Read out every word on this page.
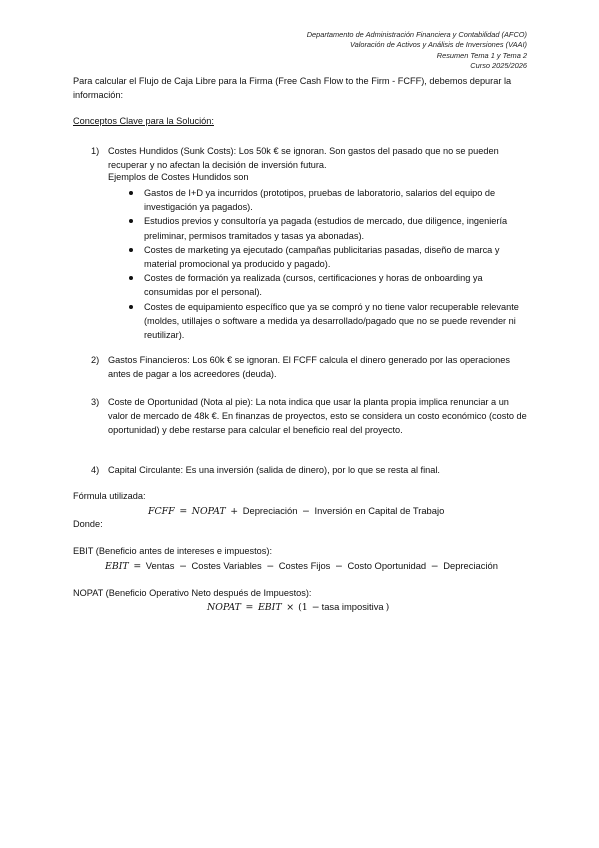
Departamento de Administración Financiera y Contabilidad (AFCO)
Valoración de Activos y Análisis de Inversiones (VAAI)
Resumen Tema 1 y Tema 2
Curso 2025/2026
Para calcular el Flujo de Caja Libre para la Firma (Free Cash Flow to the Firm - FCFF), debemos depurar la información:
Conceptos Clave para la Solución:
1) Costes Hundidos (Sunk Costs): Los 50k € se ignoran. Son gastos del pasado que no se pueden recuperar y no afectan la decisión de inversión futura.
Ejemplos de Costes Hundidos son
Gastos de I+D ya incurridos (prototipos, pruebas de laboratorio, salarios del equipo de investigación ya pagados).
Estudios previos y consultoría ya pagada (estudios de mercado, due diligence, ingeniería preliminar, permisos tramitados y tasas ya abonadas).
Costes de marketing ya ejecutado (campañas publicitarias pasadas, diseño de marca y material promocional ya producido y pagado).
Costes de formación ya realizada (cursos, certificaciones y horas de onboarding ya consumidas por el personal).
Costes de equipamiento específico que ya se compró y no tiene valor recuperable relevante (moldes, utillajes o software a medida ya desarrollado/pagado que no se puede revender ni reutilizar).
2) Gastos Financieros: Los 60k € se ignoran. El FCFF calcula el dinero generado por las operaciones antes de pagar a los acreedores (deuda).
3) Coste de Oportunidad (Nota al pie): La nota indica que usar la planta propia implica renunciar a un valor de mercado de 48k €. En finanzas de proyectos, esto se considera un costo económico (costo de oportunidad) y debe restarse para calcular el beneficio real del proyecto.
4) Capital Circulante: Es una inversión (salida de dinero), por lo que se resta al final.
Fórmula utilizada:
FCFF = NOPAT + Depreciación − Inversión en Capital de Trabajo
Donde:
EBIT (Beneficio antes de intereses e impuestos):
EBIT = Ventas − Costes Variables − Costes Fijos − Costo Oportunidad − Depreciación
NOPAT (Beneficio Operativo Neto después de Impuestos):
NOPAT = EBIT × (1 − tasa impositiva )
